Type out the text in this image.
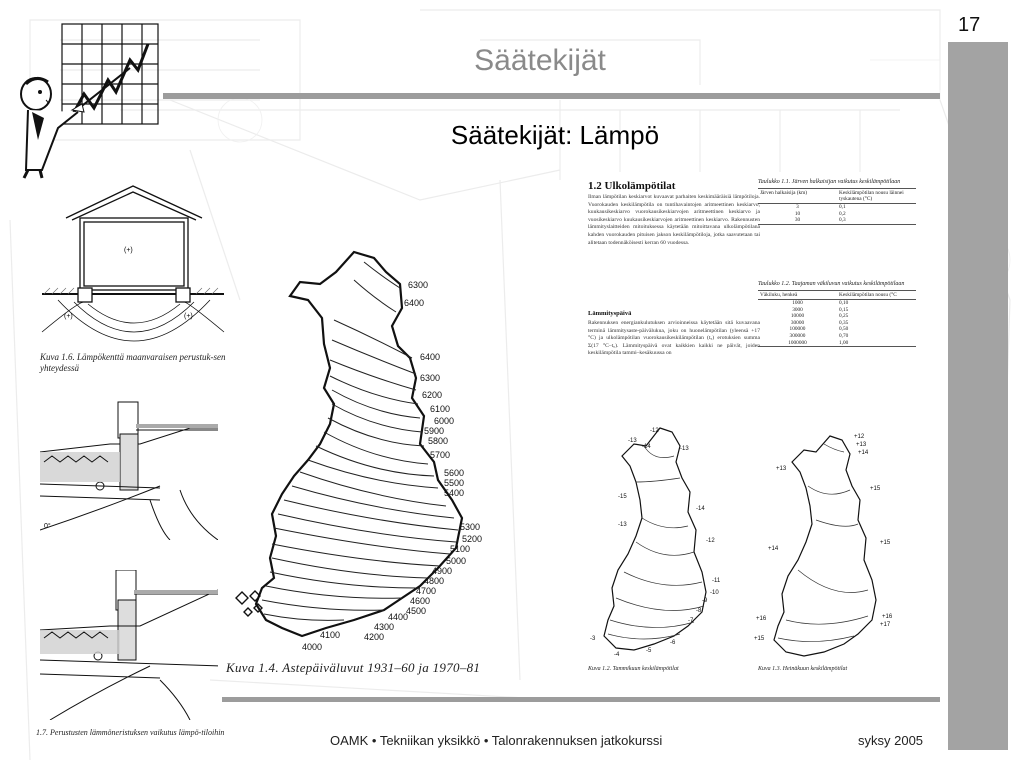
17
Säätekijät
Säätekijät: Lämpö
(+)
(+)	(+)
Kuva 1.6. Lämpökenttä maanvaraisen perustuk-sen yhteydessä
0°
1.7. Perustusten lämmöneristuksen vaikutus lämpö-tiloihin
6300
6400
6400
6300
6200
6100
6000
5900
5800
5700
5600
5500
5400
5300
5200
5100
5000
4900
4800
4700
4600
4500
4400
4300
4200
4100
4000
Kuva 1.4. Astepäiväluvut 1931–60 ja 1970–81
1.2 Ulkolämpötilat
Ilman lämpötilan keskiarvot kuvaavat parhaiten keskimääräisiä lämpötiloja. Vuorokauden keskilämpötila on tuntihavaintojen aritmeettinen keskiarvo, kuukausikeskiarvo vuorokausikeskiarvojen aritmeettinen keskiarvo ja vuosikeskiarvo kuukausikeskiarvojen aritmeettinen keskiarvo. Rakennusten lämmityslaitteiden mitoituksessa käytetään mitoittavana ulkolämpötilana kahden vuorokauden pituisen jakson keskilämpötiloja, jotka saavutetaan tai alitetaan todennäköisesti kerran 60 vuodessa.
Lämmityspäivä
Rakennuksen energiankulutuksen arvioinneissa käytetään sitä kuvaavana terminä lämmitysaste-päivälukua, joku on huonelämpötilan (yleensä +17 °C) ja ulkolämpötilan vuorokausikeskilämpötilan (tᵤ) erotuksien summa Σ(17 °C–tᵤ). Lämmityspäivä ovat kaikkien kaikki ne päivät, joiden keskilämpötila tammi–kesäkuussa on
Taulukko 1.1. Järven halkaisijan vaikutus keskilämpötilaan
Järven halkaisija (km)	Keskilämpötilan nousu läinnei tyskautena (°C)
3	0,1
10	0,2
30	0,3
Taulukko 1.2. Taajaman väkiluvun vaikutus keskilämpötilaan
Väkiluku, henkeä	Keskilämpötilan nousu (°C
1000	0,10
3000	0,15
10000	0,25
30000	0,35
100000	0,50
300000	0,70
1000000	1,00
-12
-13
-14	-13
-15
-14
-13
-12
-11
-10
-9
-8
-7
-6
-5
-4
-3
Kuva 1.2. Tammikuun keskilämpötilat
+12
+13
+14
+13
+15
+14
+15
+16
+17
+16
+15
Kuva 1.3. Heinäkuun keskilämpötilat
OAMK • Tekniikan yksikkö • Talonrakennuksen jatkokurssi	syksy 2005
